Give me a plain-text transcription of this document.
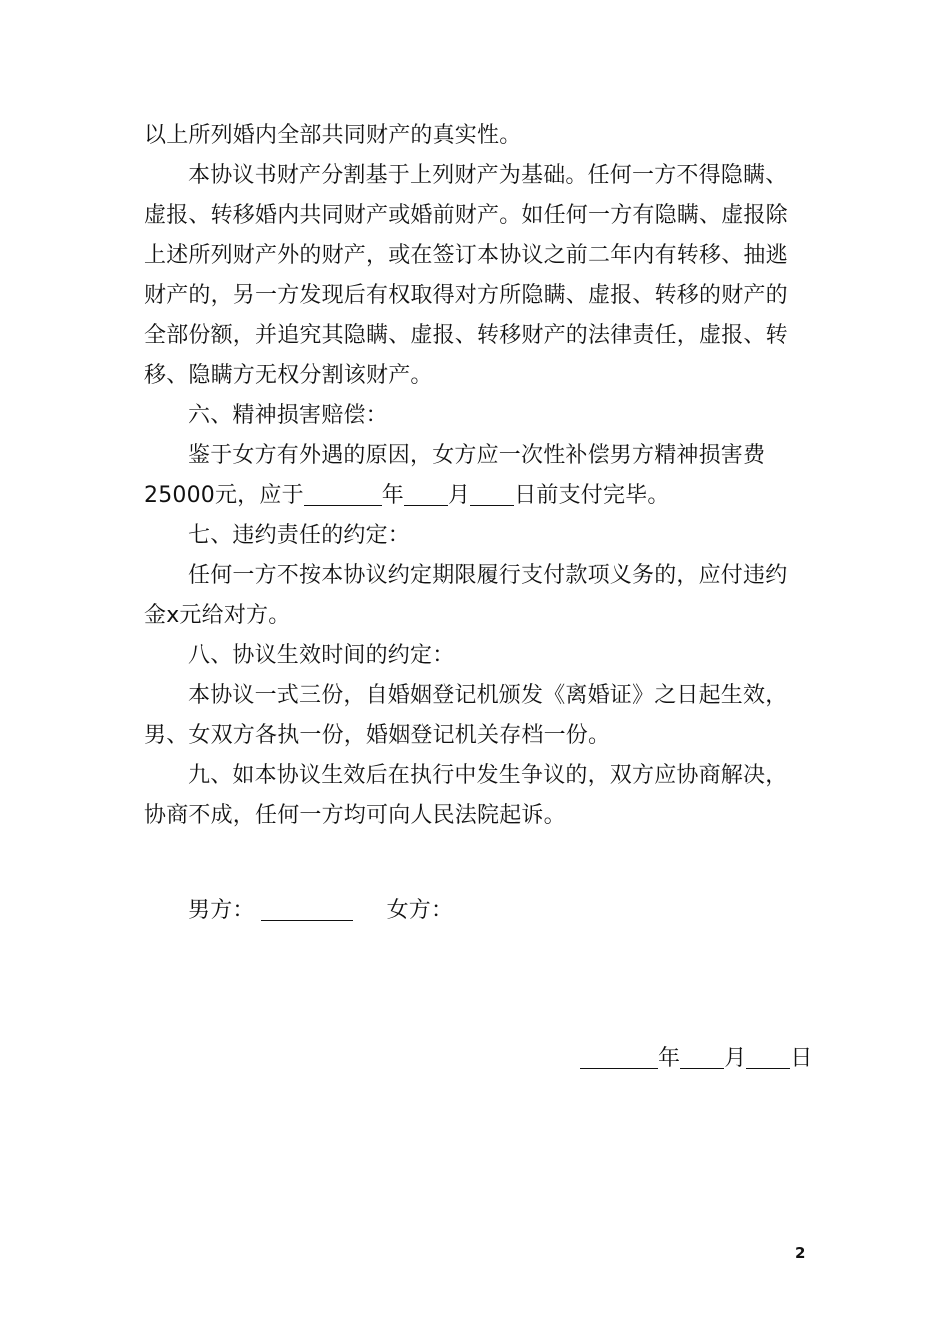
以上所列婚内全部共同财产的真实性。
本协议书财产分割基于上列财产为基础。任何一方不得隐瞒、
虚报、转移婚内共同财产或婚前财产。如任何一方有隐瞒、虚报除
上述所列财产外的财产，或在签订本协议之前二年内有转移、抽逃
财产的，另一方发现后有权取得对方所隐瞒、虚报、转移的财产的
全部份额，并追究其隐瞒、虚报、转移财产的法律责任，虚报、转
移、隐瞒方无权分割该财产。
六、精神损害赔偿：
鉴于女方有外遇的原因，女方应一次性补偿男方精神损害费
25000元，应于	年 月 日前支付完毕。
七、违约责任的约定：
任何一方不按本协议约定期限履行支付款项义务的，应付违约
金x元给对方。
八、协议生效时间的约定：
本协议一式三份，自婚姻登记机颁发《离婚证》之日起生效，
男、女双方各执一份，婚姻登记机关存档一份。
九、如本协议生效后在执行中发生争议的，双方应协商解决，
协商不成，任何一方均可向人民法院起诉。
男方：	女方：
年 月 日
2
